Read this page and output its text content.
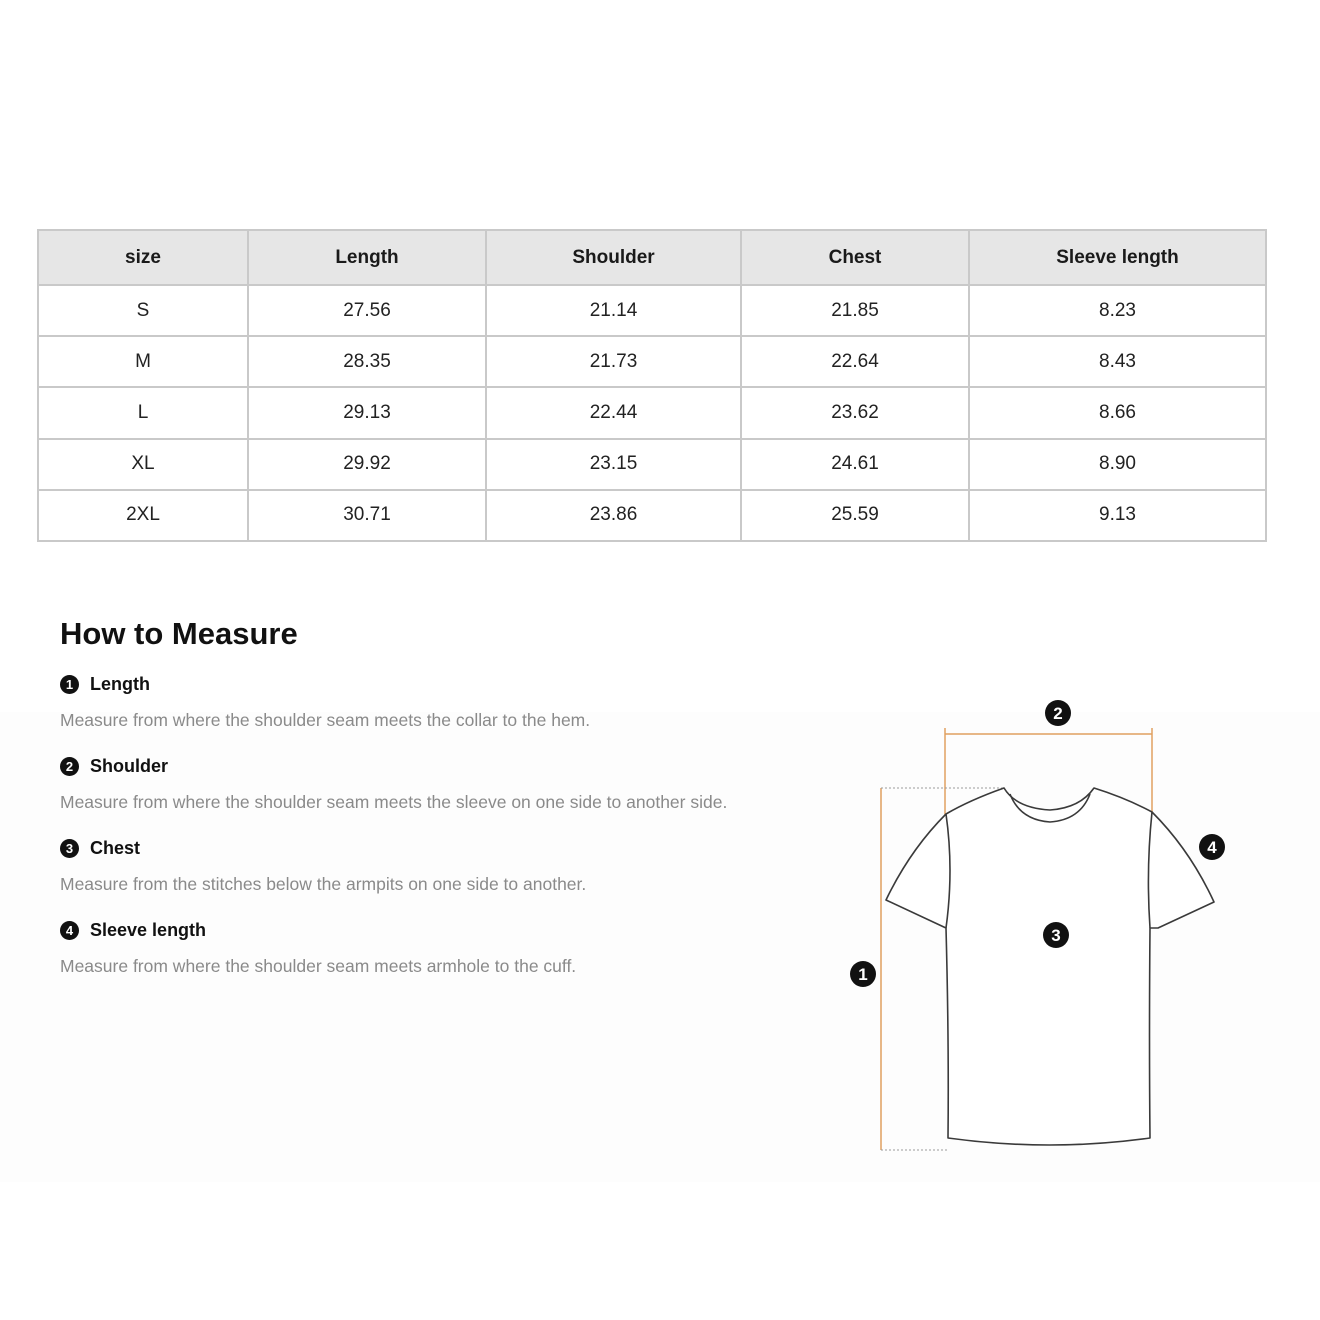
size	Length	Shoulder	Chest	Sleeve length
S	27.56	21.14	21.85	8.23
M	28.35	21.73	22.64	8.43
L	29.13	22.44	23.62	8.66
XL	29.92	23.15	24.61	8.90
2XL	30.71	23.86	25.59	9.13
How to Measure
1 Length
Measure from where the shoulder seam meets the collar to the hem.
2 Shoulder
Measure from where the shoulder seam meets the sleeve on one side to another side.
3 Chest
Measure from the stitches below the armpits on one side to another.
4 Sleeve length
Measure from where the shoulder seam meets armhole to the cuff.
2
4
3
1
